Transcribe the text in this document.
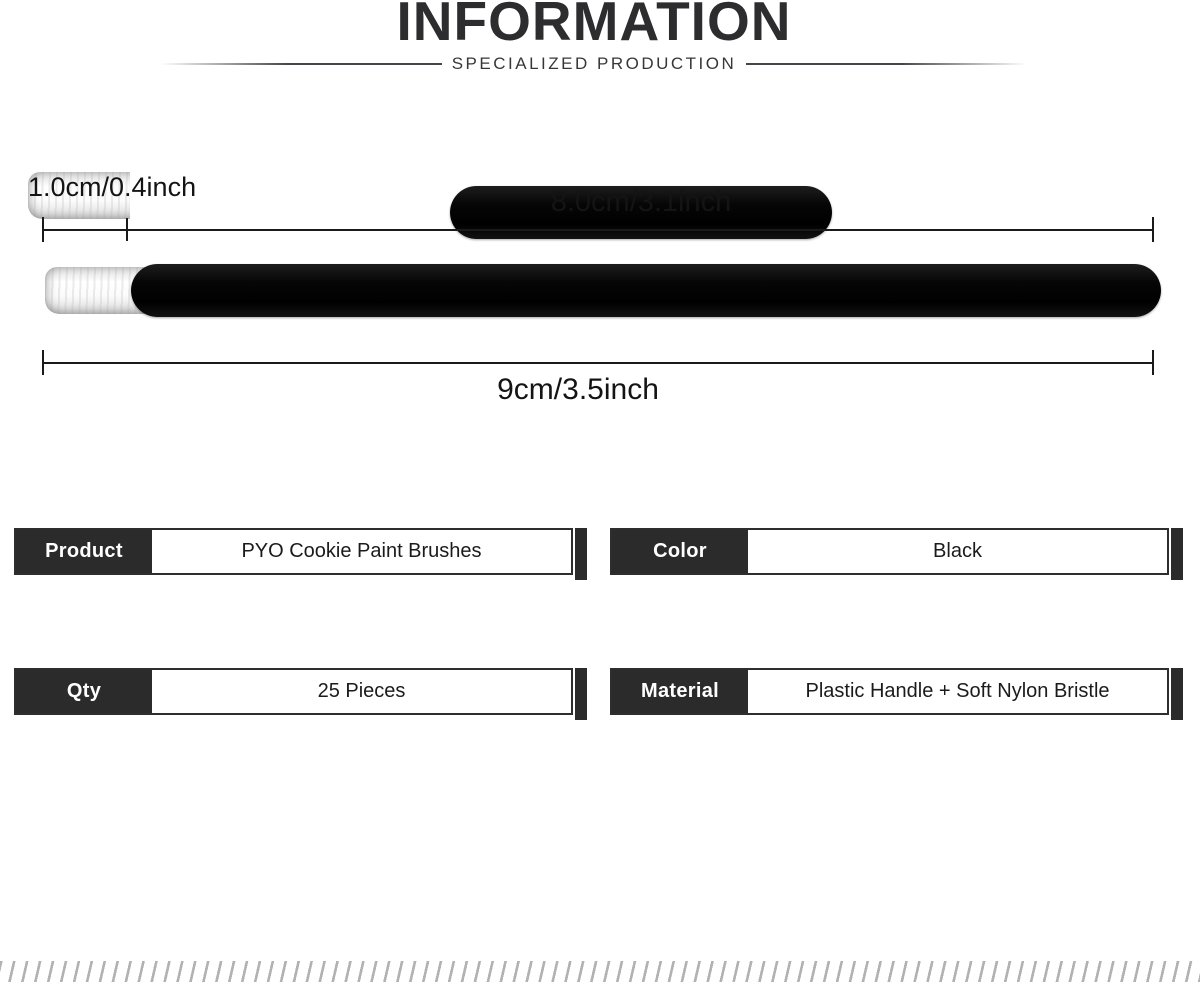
INFORMATION
SPECIALIZED PRODUCTION
1.0cm/0.4inch	8.0cm/3.1inch
9cm/3.5inch
Product	PYO Cookie Paint Brushes	Color	Black
Qty	25 Pieces	Material	Plastic Handle + Soft Nylon Bristle
